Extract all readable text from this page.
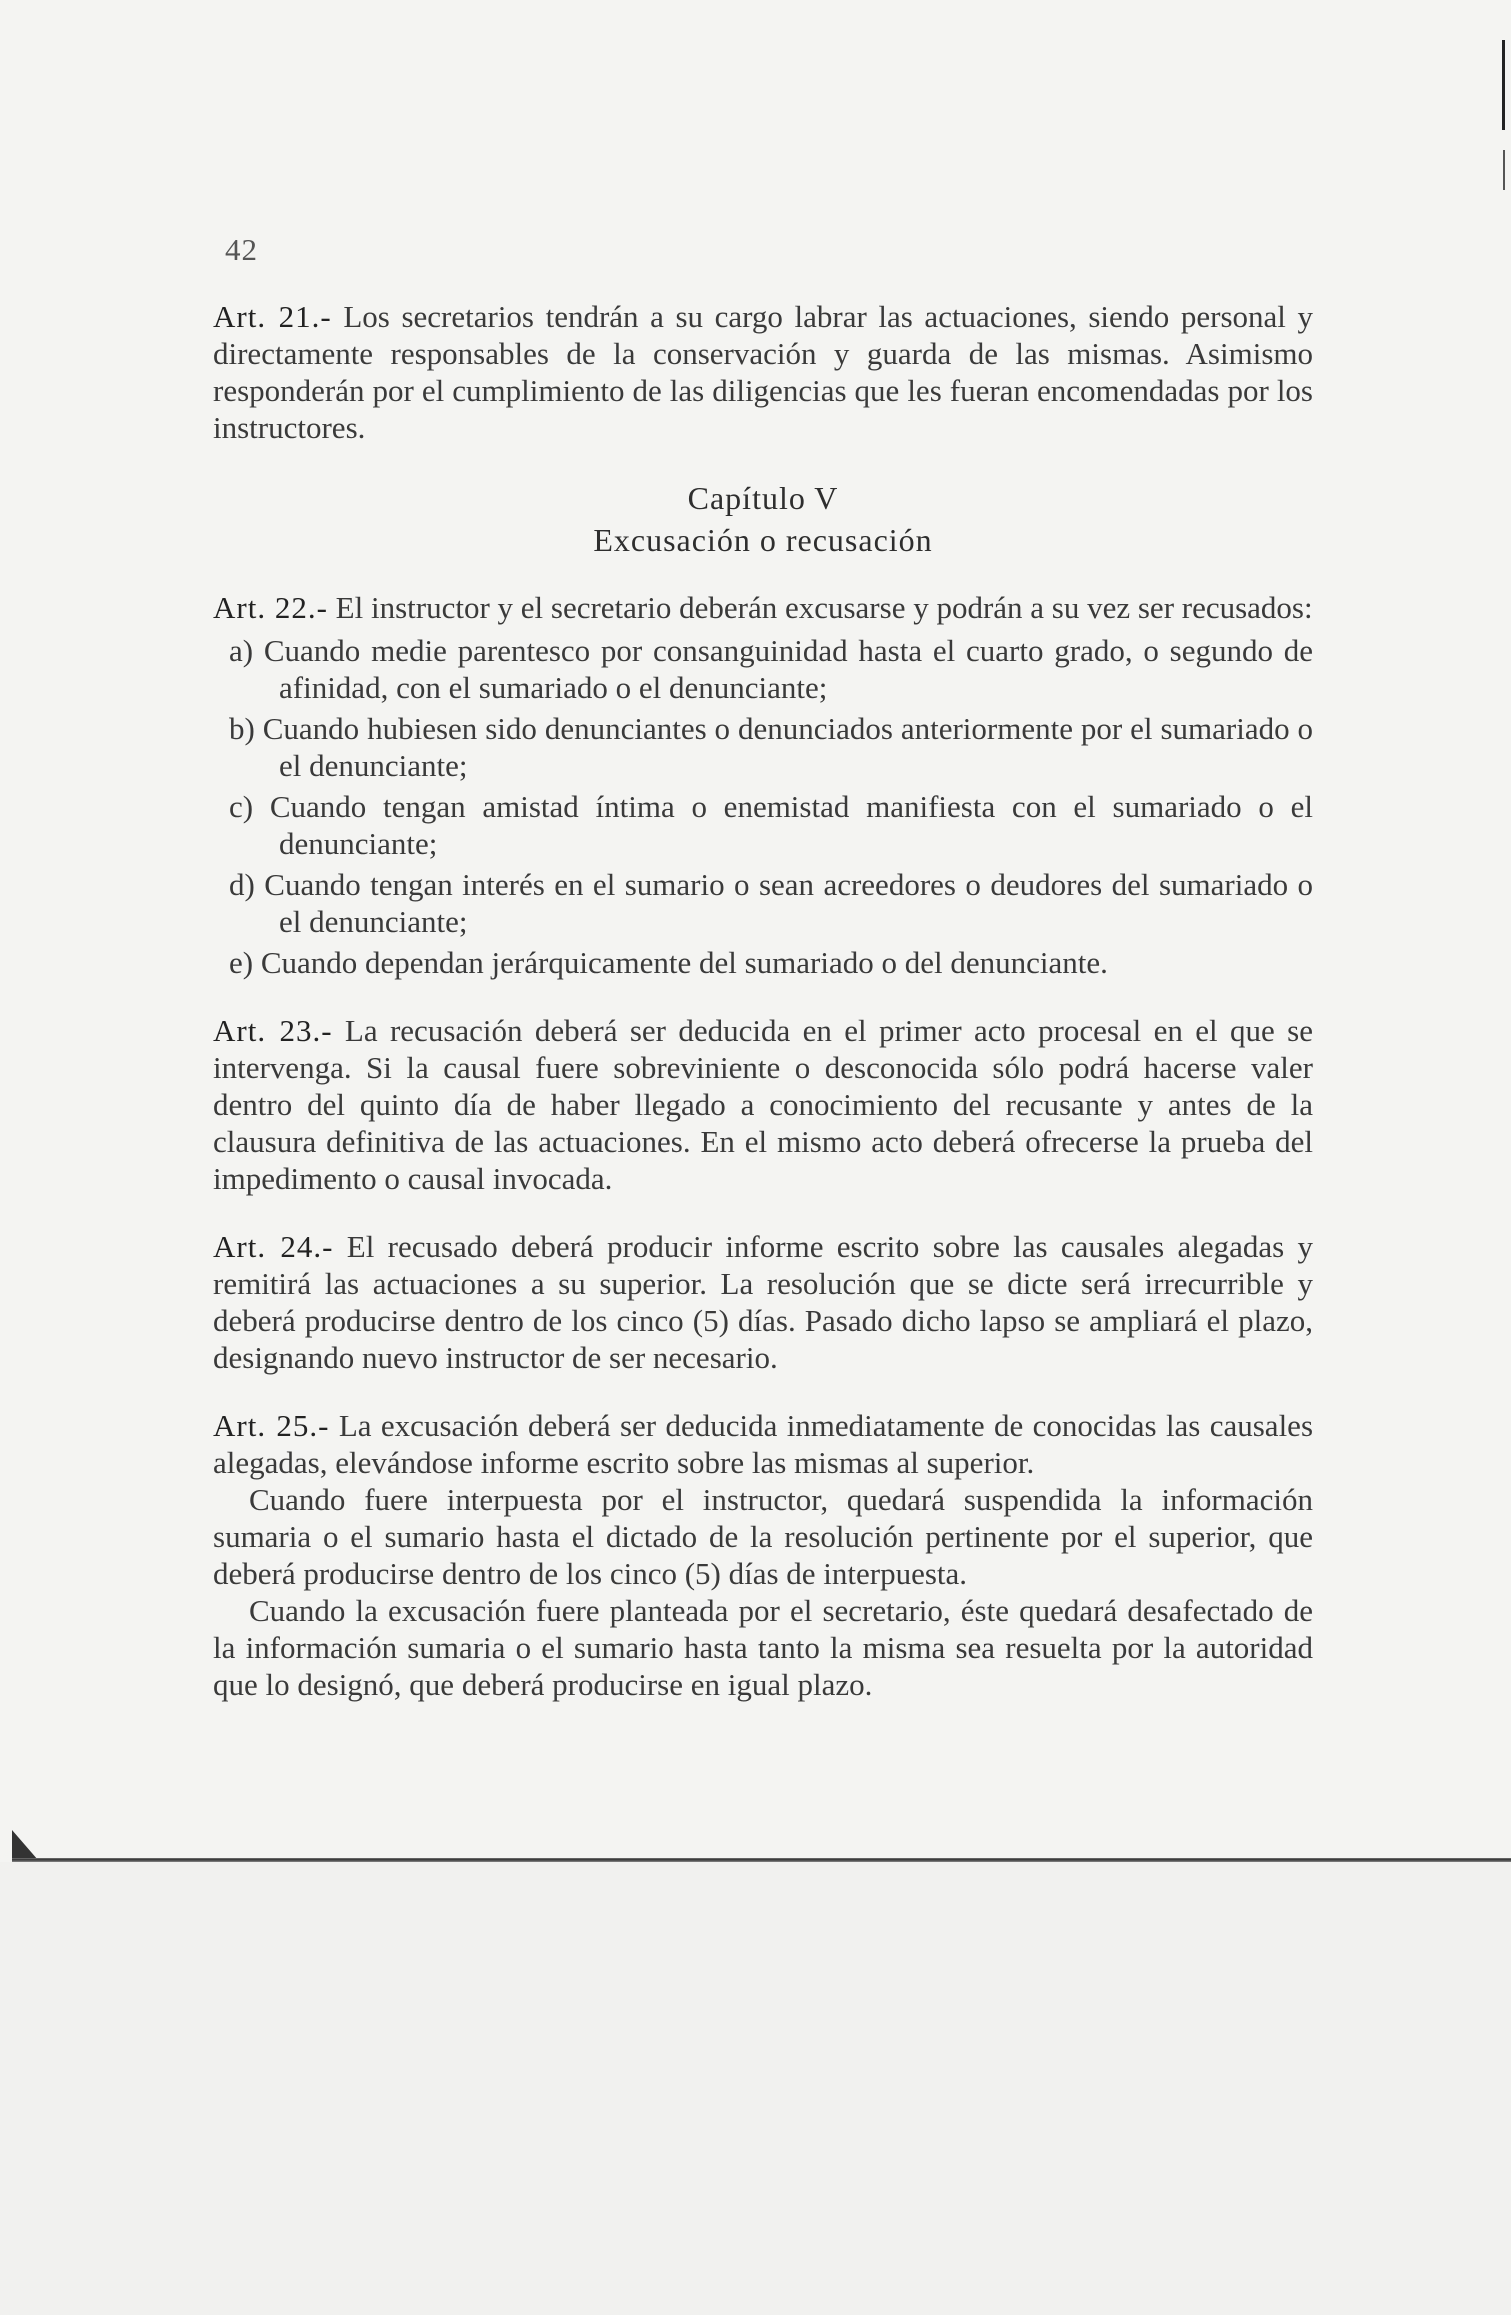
42

Art. 21.- Los secretarios tendrán a su cargo labrar las actuaciones, siendo personal y directamente responsables de la conservación y guarda de las mismas. Asimismo responderán por el cumplimiento de las diligencias que les fueran encomendadas por los instructores.

Capítulo V
Excusación o recusación

Art. 22.- El instructor y el secretario deberán excusarse y podrán a su vez ser recusados:

a) Cuando medie parentesco por consanguinidad hasta el cuarto grado, o segundo de afinidad, con el sumariado o el denunciante;
b) Cuando hubiesen sido denunciantes o denunciados anteriormente por el sumariado o el denunciante;
c) Cuando tengan amistad íntima o enemistad manifiesta con el sumariado o el denunciante;
d) Cuando tengan interés en el sumario o sean acreedores o deudores del sumariado o el denunciante;
e) Cuando dependan jerárquicamente del sumariado o del denunciante.

Art. 23.- La recusación deberá ser deducida en el primer acto procesal en el que se intervenga. Si la causal fuere sobreviniente o desconocida sólo podrá hacerse valer dentro del quinto día de haber llegado a conocimiento del recusante y antes de la clausura definitiva de las actuaciones. En el mismo acto deberá ofrecerse la prueba del impedimento o causal invocada.

Art. 24.- El recusado deberá producir informe escrito sobre las causales alegadas y remitirá las actuaciones a su superior. La resolución que se dicte será irrecurrible y deberá producirse dentro de los cinco (5) días. Pasado dicho lapso se ampliará el plazo, designando nuevo instructor de ser necesario.

Art. 25.- La excusación deberá ser deducida inmediatamente de conocidas las causales alegadas, elevándose informe escrito sobre las mismas al superior.

Cuando fuere interpuesta por el instructor, quedará suspendida la información sumaria o el sumario hasta el dictado de la resolución pertinente por el superior, que deberá producirse dentro de los cinco (5) días de interpuesta.

Cuando la excusación fuere planteada por el secretario, éste quedará desafectado de la información sumaria o el sumario hasta tanto la misma sea resuelta por la autoridad que lo designó, que deberá producirse en igual plazo.
